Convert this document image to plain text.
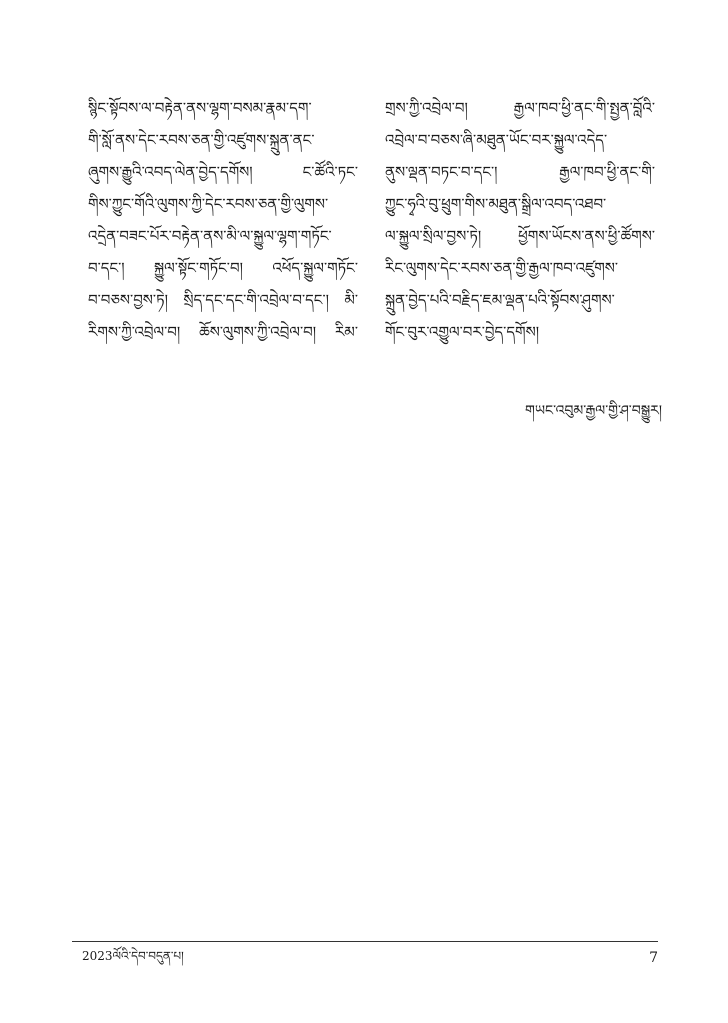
སྙིང་སྟོབས་ལ་བརྟེན་ནས་ལྷག་བསམ་རྣམ་དག་
གི་སློ་ནས་དེང་རབས་ཅན་གྱི་འཛུགས་སྐྲུན་ནང་
ཞུགས་རྒྱུའི་འབད་ལེན་བྱེད་དགོས། ང་ཚོའི་ཏང་
གིས་ཀྱུང་གོའི་ལུགས་ཀྱི་དེང་རབས་ཅན་གྱི་ལུགས་
འདྲེན་བཟང་པོར་བརྟེན་ནས་མི་ལ་སྐྱུལ་ལྷག་གཏོང་
བ་དང་། སྐྱུལ་སྟོང་གཏོང་བ། འཕོད་སྐྱུལ་གཏོང་
བ་བཅས་བྱས་ཏེ། སྲིད་དང་དང་གི་འབྲེལ་བ་དང་། མི་
རིགས་ཀྱི་འབྲེལ་བ། ཆོས་ལུགས་ཀྱི་འབྲེལ་བ། རིམ་
གྲས་ཀྱི་འབྲེལ་བ། རྒྱལ་ཁབ་ཕྱི་ནང་གི་སྤྱན་བློའི་
འབྲེལ་བ་བཅས་ཞི་མཐུན་ཡོང་བར་སྐྱུལ་འདེད་
ནུས་ལྡན་བཏང་བ་དང་། རྒྱལ་ཁབ་ཕྱི་ནང་གི་
ཀྱུང་ཧྭའི་བུ་ཕྲུག་གིས་མཐུན་སྒྲིལ་འབད་འཐབ་
ལ་སྐྱུལ་སྲིལ་བྱས་ཏེ། ཕྱོགས་ཡོངས་ནས་ཕྱི་ཚོགས་
རིང་ལུགས་དེང་རབས་ཅན་གྱི་རྒྱལ་ཁབ་འཛུགས་
སྐྲུན་བྱེད་པའི་བརྗིད་ཇམ་ལྡན་པའི་སྟོབས་ཤུགས་
གོང་བུར་འགྱུལ་བར་བྱེད་དགོས།
གཡང་འབུམ་རྒྱལ་གྱི་ཤ་བསྒྱུར།
2023ལོའི་དེབ་བདུན་པ།	7
